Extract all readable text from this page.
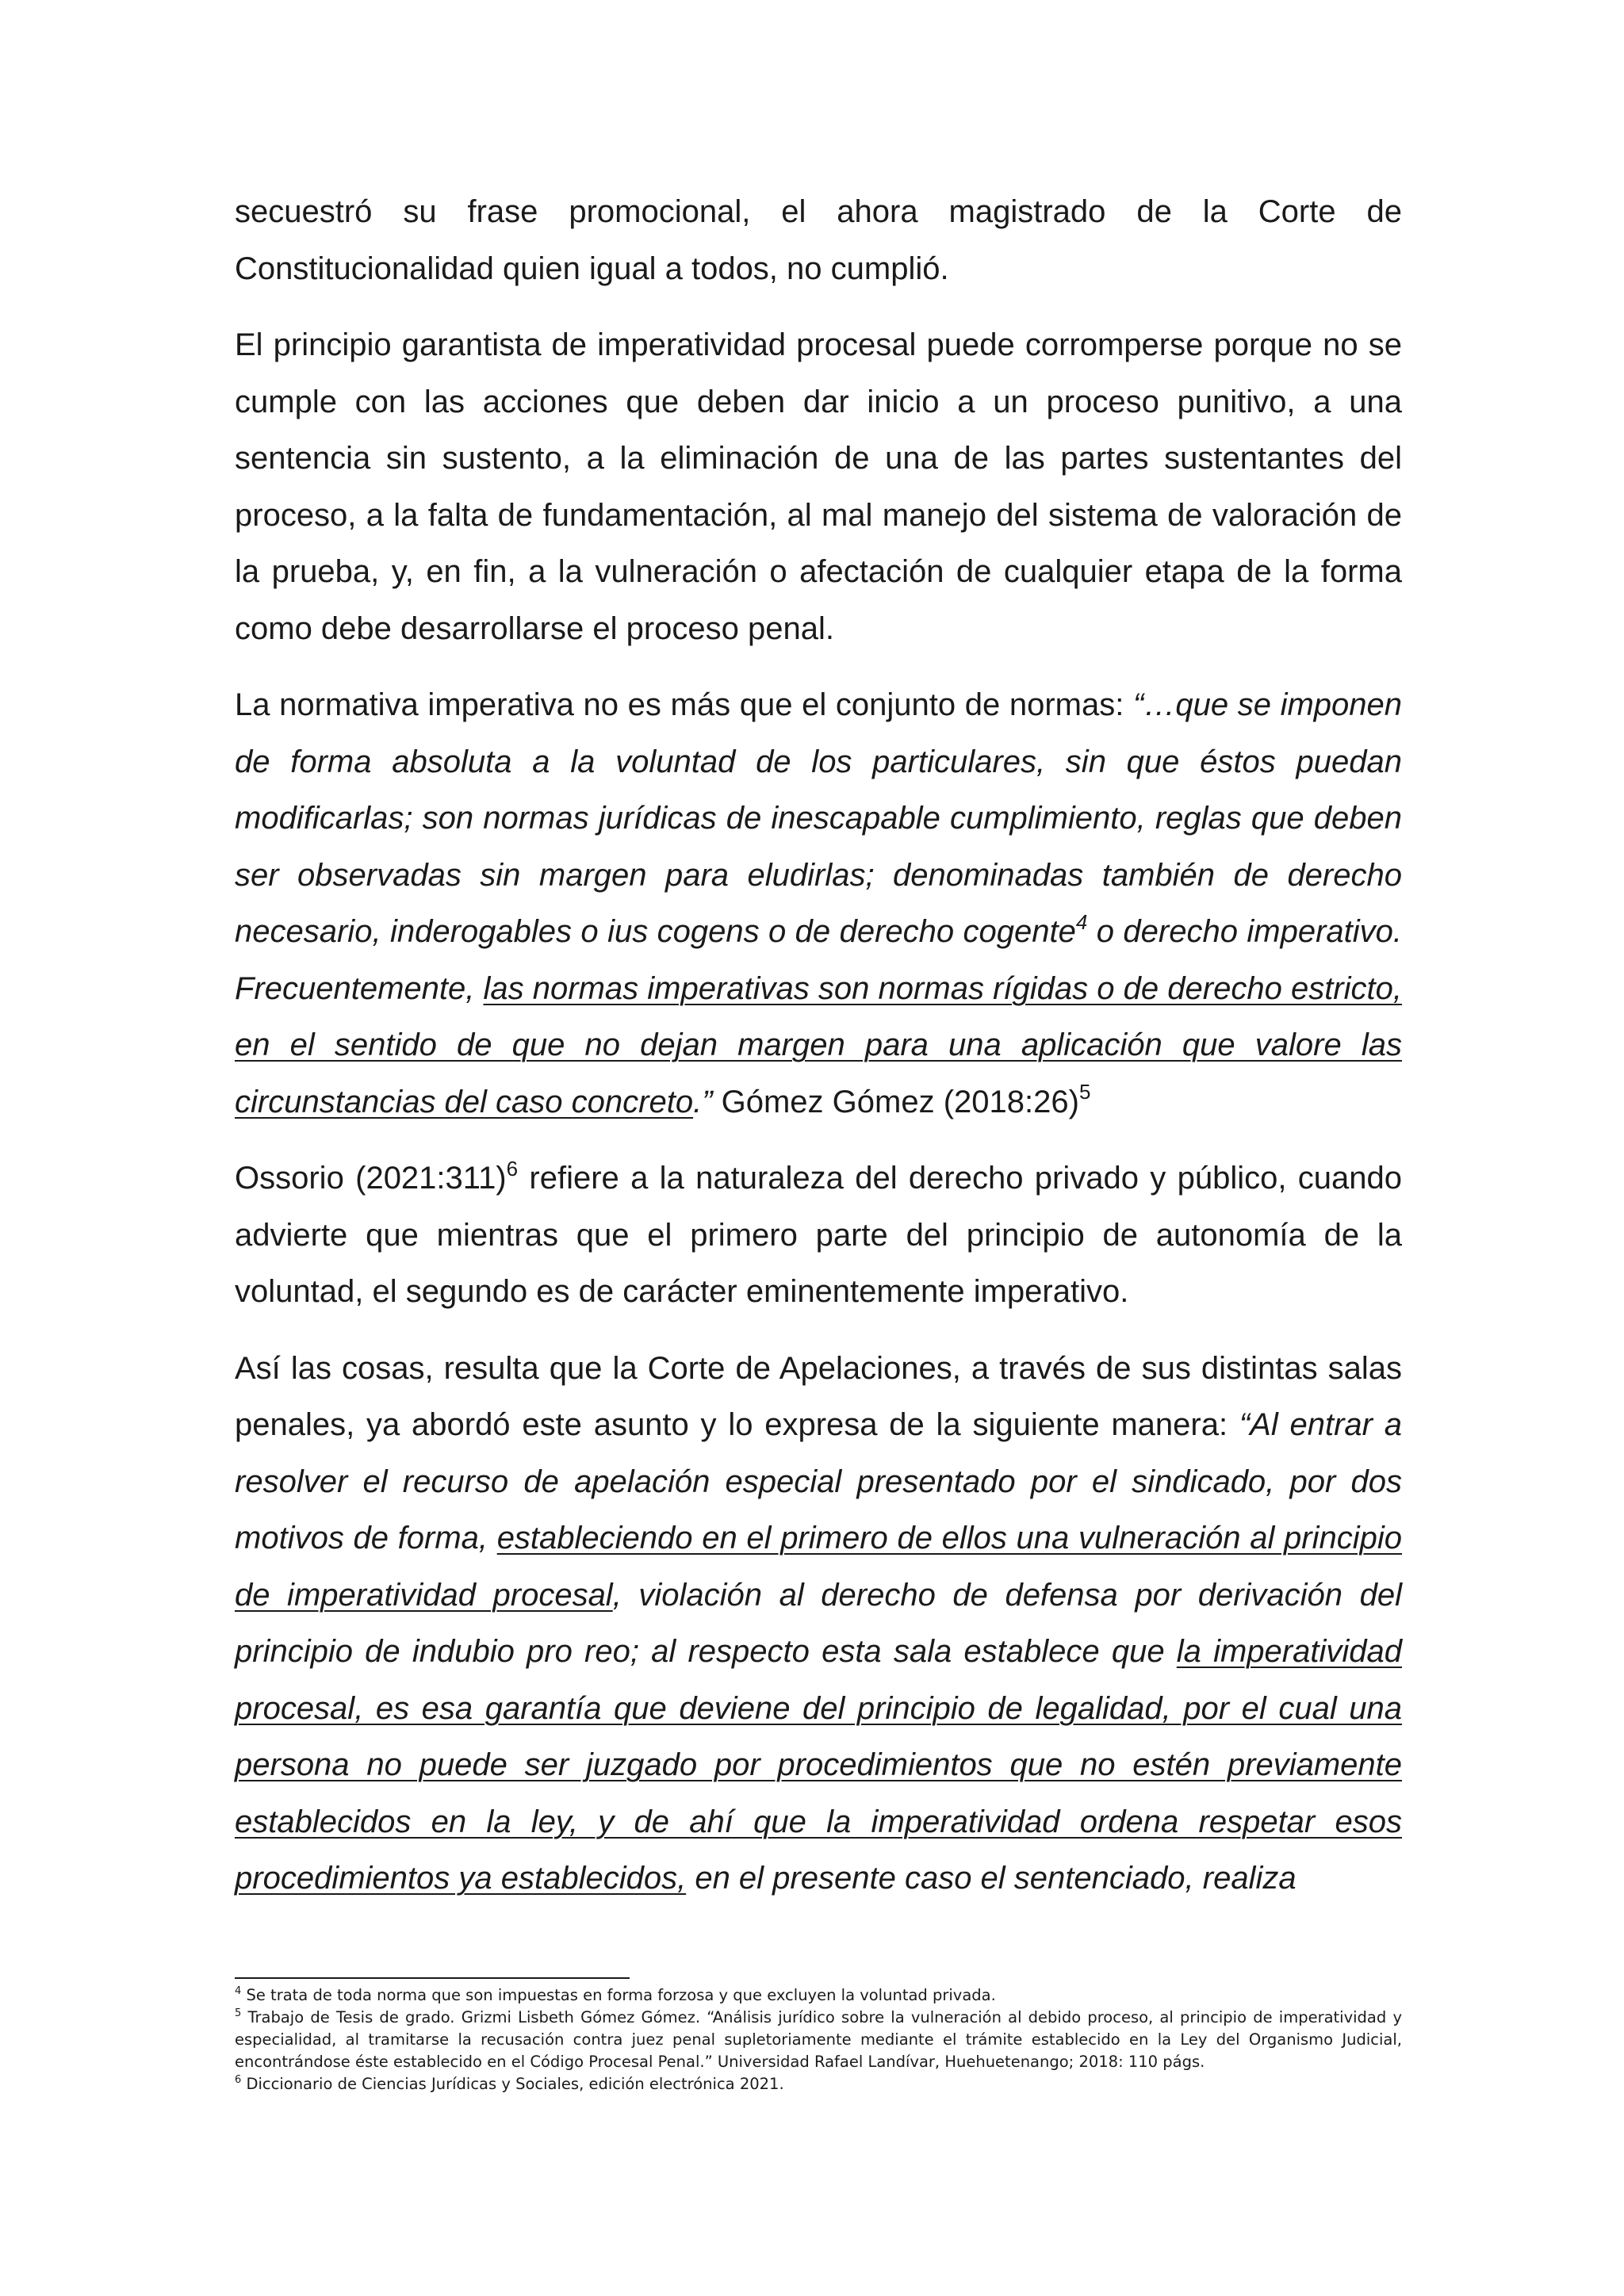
secuestró su frase promocional, el ahora magistrado de la Corte de Constitucionalidad quien igual a todos, no cumplió.

El principio garantista de imperatividad procesal puede corromperse porque no se cumple con las acciones que deben dar inicio a un proceso punitivo, a una sentencia sin sustento, a la eliminación de una de las partes sustentantes del proceso, a la falta de fundamentación, al mal manejo del sistema de valoración de la prueba, y, en fin, a la vulneración o afectación de cualquier etapa de la forma como debe desarrollarse el proceso penal.

La normativa imperativa no es más que el conjunto de normas: “…que se imponen de forma absoluta a la voluntad de los particulares, sin que éstos puedan modificarlas; son normas jurídicas de inescapable cumplimiento, reglas que deben ser observadas sin margen para eludirlas; denominadas también de derecho necesario, inderogables o ius cogens o de derecho cogente$^4$ o derecho imperativo. Frecuentemente, las normas imperativas son normas rígidas o de derecho estricto, en el sentido de que no dejan margen para una aplicación que valore las circunstancias del caso concreto.” Gómez Gómez (2018:26)$^5$

Ossorio (2021:311)$^6$ refiere a la naturaleza del derecho privado y público, cuando advierte que mientras que el primero parte del principio de autonomía de la voluntad, el segundo es de carácter eminentemente imperativo.

Así las cosas, resulta que la Corte de Apelaciones, a través de sus distintas salas penales, ya abordó este asunto y lo expresa de la siguiente manera: “Al entrar a resolver el recurso de apelación especial presentado por el sindicado, por dos motivos de forma, estableciendo en el primero de ellos una vulneración al principio de imperatividad procesal, violación al derecho de defensa por derivación del principio de indubio pro reo; al respecto esta sala establece que la imperatividad procesal, es esa garantía que deviene del principio de legalidad, por el cual una persona no puede ser juzgado por procedimientos que no estén previamente establecidos en la ley, y de ahí que la imperatividad ordena respetar esos procedimientos ya establecidos, en el presente caso el sentenciado, realiza

$^4$ Se trata de toda norma que son impuestas en forma forzosa y que excluyen la voluntad privada.

$^5$ Trabajo de Tesis de grado. Grizmi Lisbeth Gómez Gómez. “Análisis jurídico sobre la vulneración al debido proceso, al principio de imperatividad y especialidad, al tramitarse la recusación contra juez penal supletoriamente mediante el trámite establecido en la Ley del Organismo Judicial, encontrándose éste establecido en el Código Procesal Penal.” Universidad Rafael Landívar, Huehuetenango; 2018: 110 págs.

$^6$ Diccionario de Ciencias Jurídicas y Sociales, edición electrónica 2021.
